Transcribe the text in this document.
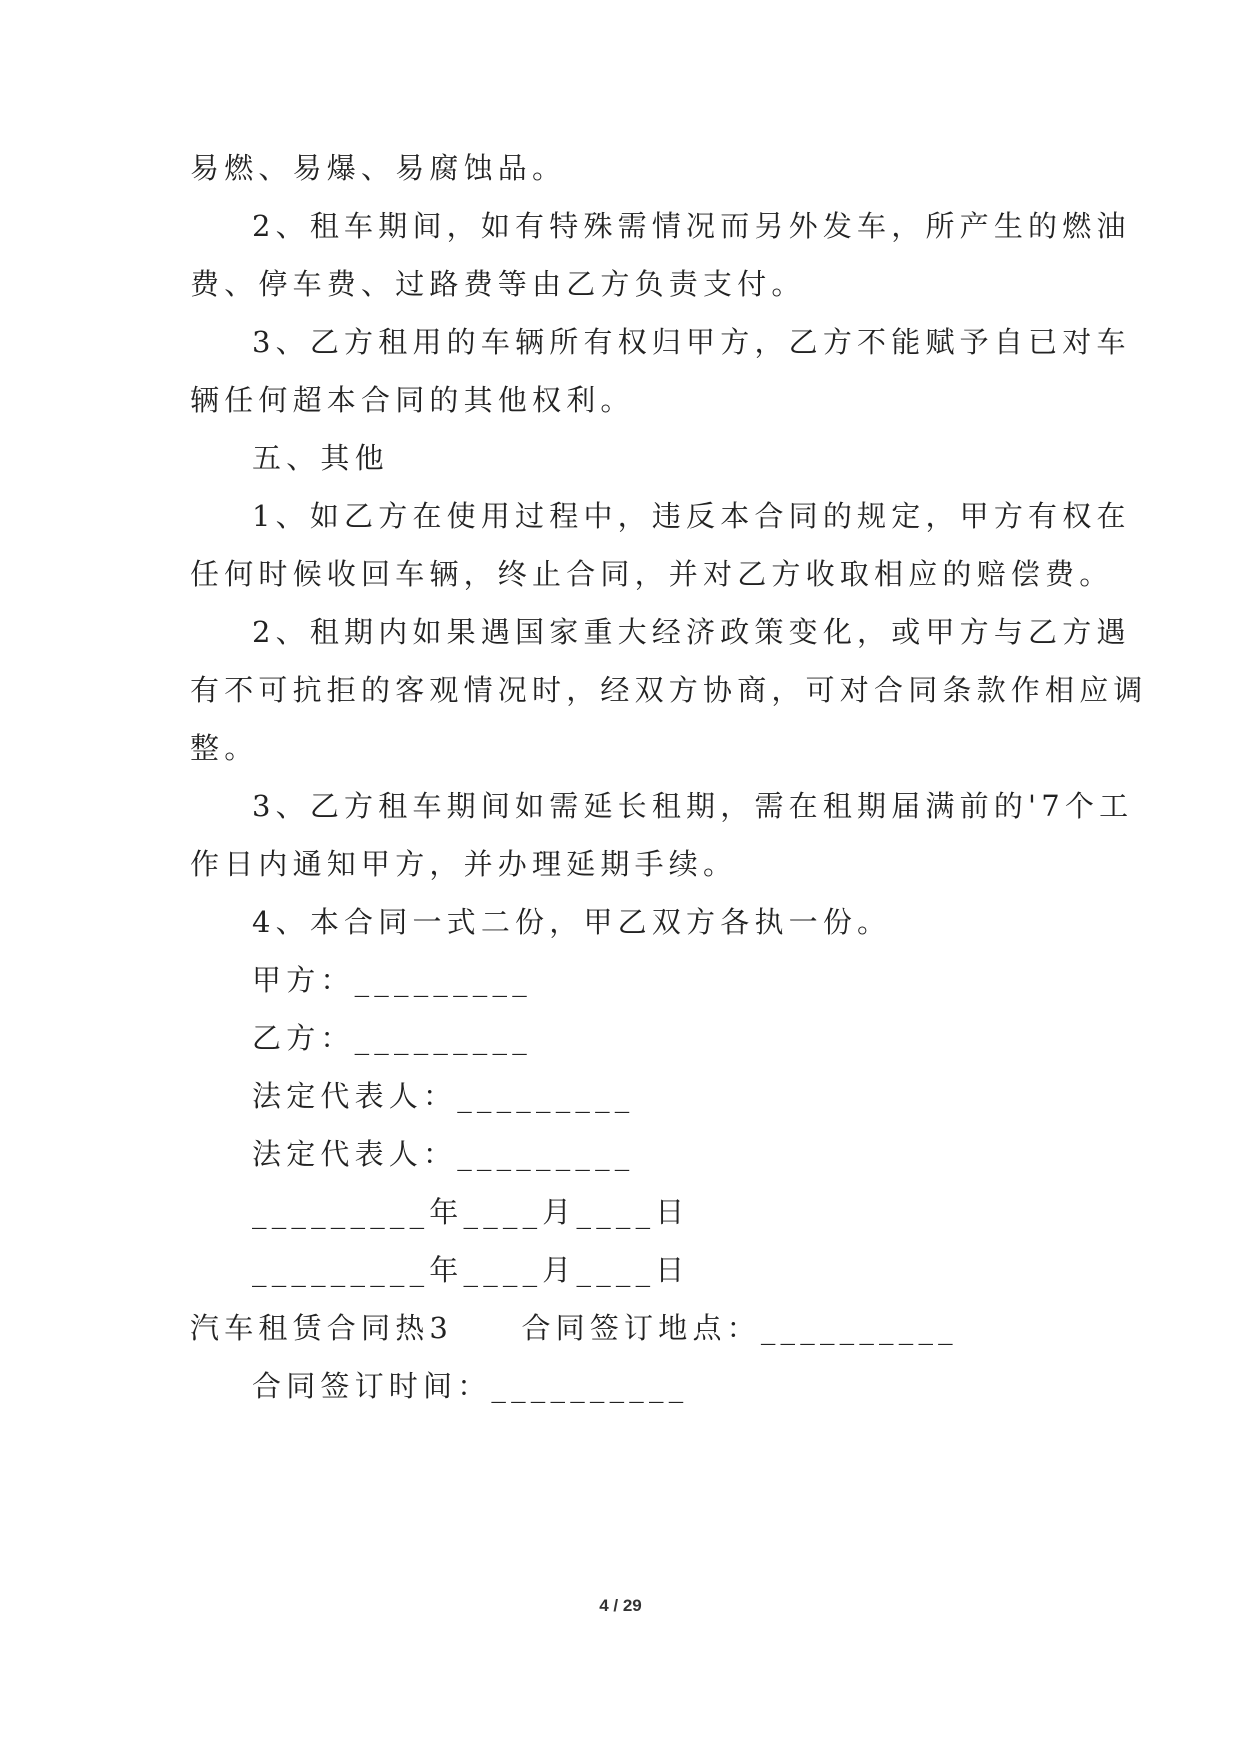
易燃、易爆、易腐蚀品。
2、租车期间，如有特殊需情况而另外发车，所产生的燃油
费、停车费、过路费等由乙方负责支付。
3、乙方租用的车辆所有权归甲方，乙方不能赋予自已对车
辆任何超本合同的其他权利。
五、其他
1、如乙方在使用过程中，违反本合同的规定，甲方有权在
任何时候收回车辆，终止合同，并对乙方收取相应的赔偿费。
2、租期内如果遇国家重大经济政策变化，或甲方与乙方遇
有不可抗拒的客观情况时，经双方协商，可对合同条款作相应调
整。
3、乙方租车期间如需延长租期，需在租期届满前的'7个工
作日内通知甲方，并办理延期手续。
4、本合同一式二份，甲乙双方各执一份。
甲方：_________
乙方：_________
法定代表人：_________
法定代表人：_________
_________年____月____日
_________年____月____日
汽车租赁合同热3　　合同签订地点：__________
合同签订时间：__________
4 / 29
